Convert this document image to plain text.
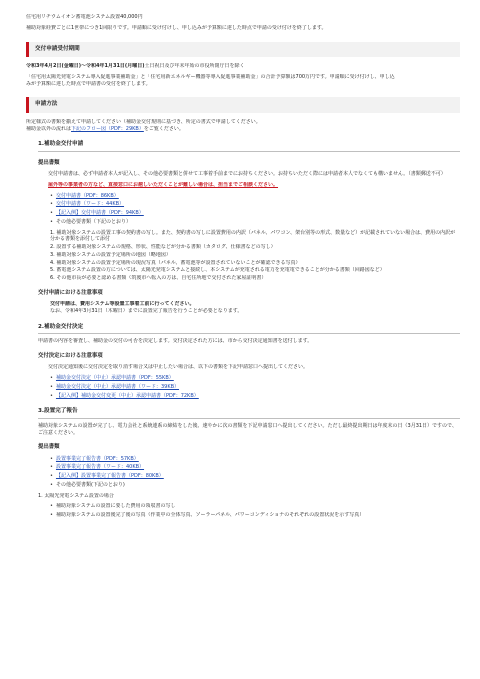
住宅用リチウムイオン蓄電池システム設置40,000円

補助対象経費ごとに1世帯につき1回限りです。申請順に受け付けし、申し込みが予算額に達した時点で申請の受け付けを終了します。

交付申請受付期間

令和3年4月2日(金曜日)～令和4年1月31日(月曜日)土日祝日及び年末年始の市役所閉庁日を除く

「住宅用太陽光発電システム導入促進事業補助金」と「住宅用新エネルギー機器等導入促進事業補助金」の合計予算額は700万円です。申請順に受け付けし、申し込

みが予算額に達した時点で申請書の受付を終了します。

申請方法

所定様式の書類を揃えて申請してください（補助金交付規則に基づき、所定の書式で申請してください。

補助金以外の流れは下記のフロー図（PDF：29KB）をご覧ください。

1.補助金交付申請
提出書類

交付申請書は、必ず申請者本人が記入し、その他必要書類と併せて工事着手前までにお持ちください。お持ちいただく際には申請者本人でなくても構いません。（書類郵送不可）

屋外等の事業者の方など、直接窓口にお越しいただくことが難しい場合は、担当までご相談ください。

• 交付申請書（PDF：86KB）
• 交付申請書（ワード：44KB）
• 【記入例】交付申請書（PDF：94KB）
• その他必要書類（下記のとおり）
1. 補助対象システムの設置工事の契約書の写し。また、契約書の写しに設置費用の内訳（パネル、パワコン、架台別等の形式、数量など）が記載されていない場合は、費用の内訳が分かる書類を添付して添付
2. 設置する補助対象システムの規格、形状、性能などが分かる書類（カタログ、仕様書などの写し）
3. 補助対象システムの設置予定場所の地図（略地図）
4. 補助対象システムの設置予定場所の現況写真（パネル、蓄電池等が設置されていないことが確認できる写真）
5. 蓄電池システム設置の方については、太陽光発電システムと接続し、本システムが充電される電力を充電電できることが分かる書類（回路図など）
6. その他市長が必要と認める書類（筑後市へ転入の方は、自宅住所地で交付された家屋証明書）
交付申請における注意事項

交付申請は、費用システム等設置工事着工前に行ってください。

なお、令和4年3月31日（木曜日）までに設置完了報告を行うことが必要となります。

2.補助金交付決定

申請書の内容を審査し、補助金の交付の可否を決定します。交付決定された方には、市から交付決定通知書を送付します。

交付決定における注意事項

交付決定通知後に交付決定を取り消す場合又は中止したい場合は、以下の書類を下記申請窓口へ提出してください。

• 補助金交付決定（中止）承認申請書（PDF：55KB）
• 補助金交付決定（中止）承認申請書（ワード：39KB）
• 【記入例】補助金交付変更（中止）承認申請書（PDF：72KB）
3.設置完了報告

補助対象システムの設置が完了し、電力会社と系統連系の締結をした後、速やかに次の書類を下記申請窓口へ提出してください。ただし最終提出期日は年度末の日（3月31日）ですので、ご注意ください。

提出書類
• 設置事業完了報告書（PDF：57KB）
• 設置事業完了報告書（ワード：40KB）
• 【記入例】設置事業完了報告書（PDF：80KB）
• その他必要書類(下記のとおり)

1. 太陽光発電システム設置の場合

• 補助対象システムの設置に要した費用の領収書の写し
• 補助対象システムの設置後完了後の写真（作業中の全体写真、ソーラーパネル、パワーコンディショナのそれぞれの設置状況を示す写真）
